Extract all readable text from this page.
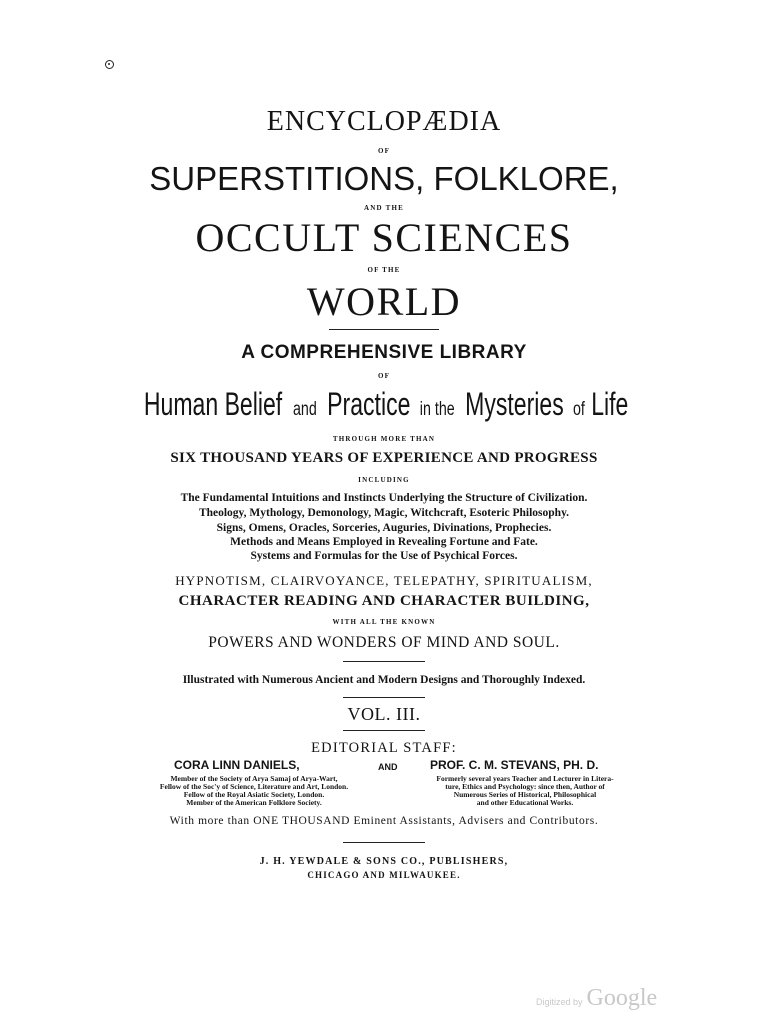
ENCYCLOPÆDIA
OF
SUPERSTITIONS, FOLKLORE,
AND THE
OCCULT SCIENCES
OF THE
WORLD
A COMPREHENSIVE LIBRARY
OF
Human Belief and Practice in the Mysteries of Life
THROUGH MORE THAN
SIX THOUSAND YEARS OF EXPERIENCE AND PROGRESS
INCLUDING
The Fundamental Intuitions and Instincts Underlying the Structure of Civilization.
Theology, Mythology, Demonology, Magic, Witchcraft, Esoteric Philosophy.
Signs, Omens, Oracles, Sorceries, Auguries, Divinations, Prophecies.
Methods and Means Employed in Revealing Fortune and Fate.
Systems and Formulas for the Use of Psychical Forces.
HYPNOTISM, CLAIRVOYANCE, TELEPATHY, SPIRITUALISM,
CHARACTER READING AND CHARACTER BUILDING,
WITH ALL THE KNOWN
POWERS AND WONDERS OF MIND AND SOUL.
Illustrated with Numerous Ancient and Modern Designs and Thoroughly Indexed.
VOL. III.
EDITORIAL STAFF:
CORA LINN DANIELS,
Member of the Society of Arya Samaj of Arya-Wart,
Fellow of the Soc'y of Science, Literature and Art, London.
Fellow of the Royal Asiatic Society, London.
Member of the American Folklore Society.
AND	PROF. C. M. STEVANS, PH. D.
Formerly several years Teacher and Lecturer in Litera-
ture, Ethics and Psychology: since then, Author of
Numerous Series of Historical, Philosophical
and other Educational Works.
With more than ONE THOUSAND Eminent Assistants, Advisers and Contributors.
J. H. YEWDALE & SONS CO., PUBLISHERS,
CHICAGO AND MILWAUKEE.
Digitized by Google
